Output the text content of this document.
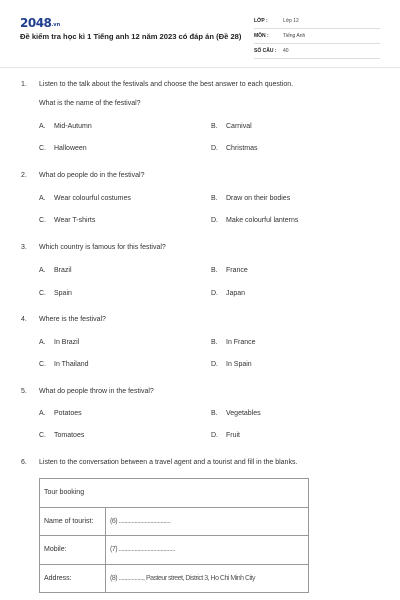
2048.vn
Đề kiểm tra học kì 1 Tiếng anh 12 năm 2023 có đáp án (Đề 28)
LỚP :	Lớp 12
MÔN :	Tiếng Anh
SỐ CÂU :	40
1. Listen to the talk about the festivals and choose the best answer to each question.
What is the name of the festival?
A. Mid-Autumn	B. Carnival
C. Halloween	D. Christmas
2. What do people do in the festival?
A. Wear colourful costumes	B. Draw on their bodies
C. Wear T-shirts	D. Make colourful lanterns
3. Which country is famous for this festival?
A. Brazil	B. France
C. Spain	D. Japan
4. Where is the festival?
A. In Brazil	B. In France
C. In Thailand	D. In Spain
5. What do people throw in the festival?
A. Potatoes	B. Vegetables
C. Tomatoes	D. Fruit
6. Listen to the conversation between a travel agent and a tourist and fill in the blanks.
Tour booking	
Name of tourist:	(6) ....................................
Mobile:	(7) .......................................
Address:	(8) ................., Pasteur street, District 3, Ho Chi Minh City
